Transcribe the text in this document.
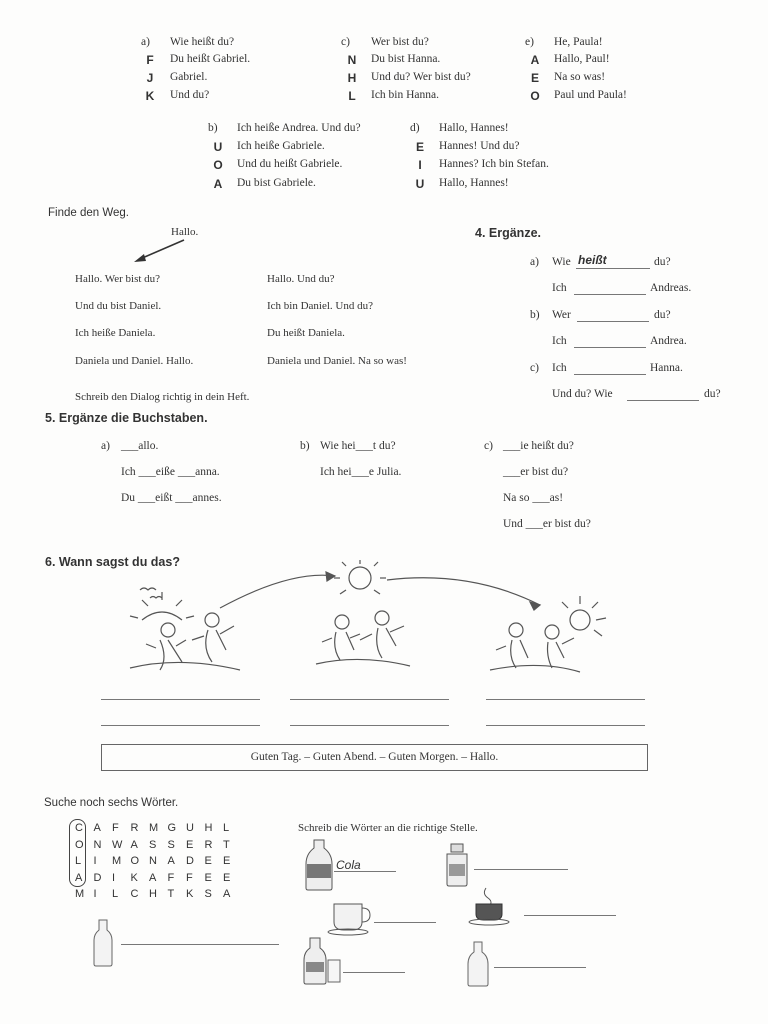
a) Wie heißt du?
F Du heißt Gabriel.
J Gabriel.
K Und du?
c) Wer bist du?
N Du bist Hanna.
H Und du? Wer bist du?
L Ich bin Hanna.
e) He, Paula!
A Hallo, Paul!
E Na so was!
O Paul und Paula!
b) Ich heiße Andrea. Und du?
U Ich heiße Gabriele.
O Und du heißt Gabriele.
A Du bist Gabriele.
d) Hallo, Hannes!
E Hannes! Und du?
I	Hannes? Ich bin Stefan.
U Hallo, Hannes!
Finde den Weg.
Hallo.
Hallo. Wer bist du?
Und du bist Daniel.
Ich heiße Daniela.
Daniela und Daniel. Hallo.
Hallo. Und du?
Ich bin Daniel. Und du?
Du heißt Daniela.
Daniela und Daniel. Na so was!
Schreib den Dialog richtig in dein Heft.
4. Ergänze.
a) Wie heißt	du?
Ich	Andreas.
b) Wer	du?
Ich	Andrea.
c) Ich	Hanna.
Und du? Wie	du?
5. Ergänze die Buchstaben.
a) ___allo.
Ich ___eiße ___anna.
Du ___eißt ___annes.
b) Wie hei___t du?
Ich hei___e Julia.
c) ___ie heißt du?
___er bist du?
Na so ___as!
Und ___er bist du?
6. Wann sagst du das?
Guten Tag. – Guten Abend. – Guten Morgen. – Hallo.
Suche noch sechs Wörter.
C A F R M G U H L
O N W A S S E R T
L I M O N A D E E
A D I K A F F E E
M I L C H T K S A
Schreib die Wörter an die richtige Stelle.
Cola
